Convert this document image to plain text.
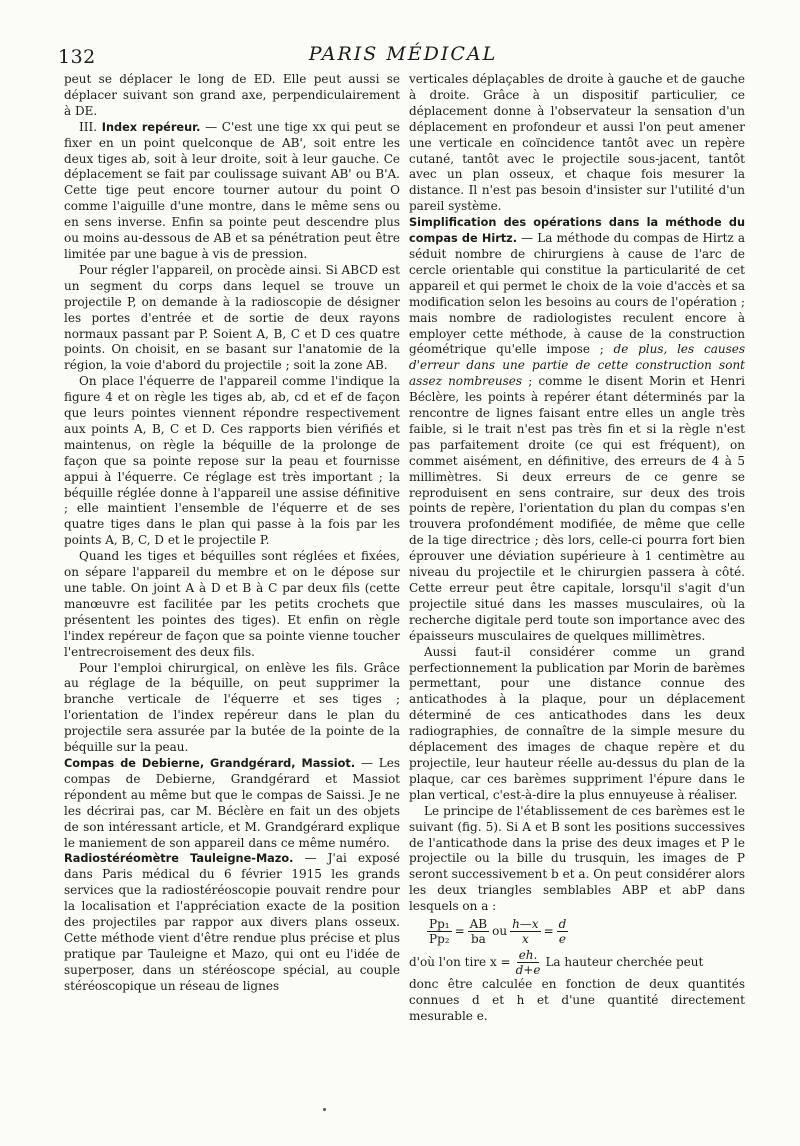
132	PARIS MÉDICAL

peut se déplacer le long de ED. Elle peut aussi se déplacer suivant son grand axe, perpendiculairement à DE.

III. Index repéreur. — C'est une tige xx qui peut se fixer en un point quelconque de AB', soit entre les deux tiges ab, soit à leur droite, soit à leur gauche. Ce déplacement se fait par coulissage suivant AB' ou B'A. Cette tige peut encore tourner autour du point O comme l'aiguille d'une montre, dans le même sens ou en sens inverse. Enfin sa pointe peut descendre plus ou moins au-dessous de AB et sa pénétration peut être limitée par une bague à vis de pression.

Pour régler l'appareil, on procède ainsi. Si ABCD est un segment du corps dans lequel se trouve un projectile P, on demande à la radioscopie de désigner les portes d'entrée et de sortie de deux rayons normaux passant par P. Soient A, B, C et D ces quatre points. On choisit, en se basant sur l'anatomie de la région, la voie d'abord du projectile ; soit la zone AB.

On place l'équerre de l'appareil comme l'indique la figure 4 et on règle les tiges ab, ab, cd et ef de façon que leurs pointes viennent répondre respectivement aux points A, B, C et D. Ces rapports bien vérifiés et maintenus, on règle la béquille de la prolonge de façon que sa pointe repose sur la peau et fournisse appui à l'équerre. Ce réglage est très important ; la béquille réglée donne à l'appareil une assise définitive ; elle maintient l'ensemble de l'équerre et de ses quatre tiges dans le plan qui passe à la fois par les points A, B, C, D et le projectile P.

Quand les tiges et béquilles sont réglées et fixées, on sépare l'appareil du membre et on le dépose sur une table. On joint A à D et B à C par deux fils (cette manœuvre est facilitée par les petits crochets que présentent les pointes des tiges). Et enfin on règle l'index repéreur de façon que sa pointe vienne toucher l'entrecroisement des deux fils.

Pour l'emploi chirurgical, on enlève les fils. Grâce au réglage de la béquille, on peut supprimer la branche verticale de l'équerre et ses tiges ; l'orientation de l'index repéreur dans le plan du projectile sera assurée par la butée de la pointe de la béquille sur la peau.

Compas de Debierne, Grandgérard, Massiot. — Les compas de Debierne, Grandgérard et Massiot répondent au même but que le compas de Saissi. Je ne les décrirai pas, car M. Béclère en fait un des objets de son intéressant article, et M. Grandgérard explique le maniement de son appareil dans ce même numéro.

Radiostéréomètre Tauleigne-Mazo. — J'ai exposé dans Paris médical du 6 février 1915 les grands services que la radiostéréoscopie pouvait rendre pour la localisation et l'appréciation exacte de la position des projectiles par rappor aux divers plans osseux. Cette méthode vient d'être rendue plus précise et plus pratique par Tauleigne et Mazo, qui ont eu l'idée de superposer, dans un stéréoscope spécial, au couple stéréoscopique un réseau de lignes

verticales déplaçables de droite à gauche et de gauche à droite. Grâce à un dispositif particulier, ce déplacement donne à l'observateur la sensation d'un déplacement en profondeur et aussi l'on peut amener une verticale en coïncidence tantôt avec un repère cutané, tantôt avec le projectile sous-jacent, tantôt avec un plan osseux, et chaque fois mesurer la distance. Il n'est pas besoin d'insister sur l'utilité d'un pareil système.

Simplification des opérations dans la méthode du compas de Hirtz. — La méthode du compas de Hirtz a séduit nombre de chirurgiens à cause de l'arc de cercle orientable qui constitue la particularité de cet appareil et qui permet le choix de la voie d'accès et sa modification selon les besoins au cours de l'opération ; mais nombre de radiologistes reculent encore à employer cette méthode, à cause de la construction géométrique qu'elle impose ; de plus, les causes d'erreur dans une partie de cette construction sont assez nombreuses ; comme le disent Morin et Henri Béclère, les points à repérer étant déterminés par la rencontre de lignes faisant entre elles un angle très faible, si le trait n'est pas très fin et si la règle n'est pas parfaitement droite (ce qui est fréquent), on commet aisément, en définitive, des erreurs de 4 à 5 millimètres. Si deux erreurs de ce genre se reproduisent en sens contraire, sur deux des trois points de repère, l'orientation du plan du compas s'en trouvera profondément modifiée, de même que celle de la tige directrice ; dès lors, celle-ci pourra fort bien éprouver une déviation supérieure à 1 centimètre au niveau du projectile et le chirurgien passera à côté. Cette erreur peut être capitale, lorsqu'il s'agit d'un projectile situé dans les masses musculaires, où la recherche digitale perd toute son importance avec des épaisseurs musculaires de quelques millimètres.

Aussi faut-il considérer comme un grand perfectionnement la publication par Morin de barèmes permettant, pour une distance connue des anticathodes à la plaque, pour un déplacement déterminé de ces anticathodes dans les deux radiographies, de connaître de la simple mesure du déplacement des images de chaque repère et du projectile, leur hauteur réelle au-dessus du plan de la plaque, car ces barèmes suppriment l'épure dans le plan vertical, c'est-à-dire la plus ennuyeuse à réaliser.

Le principe de l'établissement de ces barèmes est le suivant (fig. 5). Si A et B sont les positions successives de l'anticathode dans la prise des deux images et P le projectile ou la bille du trusquin, les images de P seront successivement b et a. On peut considérer alors les deux triangles semblables ABP et abP dans lesquels on a :

$\frac{\text{Pp₁}}{\text{Pp₂}} = \frac{AB}{ba}$ ou $\frac{h—x}{x} = \frac{d}{e}$
d'où l'on tire $x = \frac{eh.}{d+e}$ La hauteur cherchée peut

donc être calculée en fonction de deux quantités connues d et h et d'une quantité directement mesurable e.
